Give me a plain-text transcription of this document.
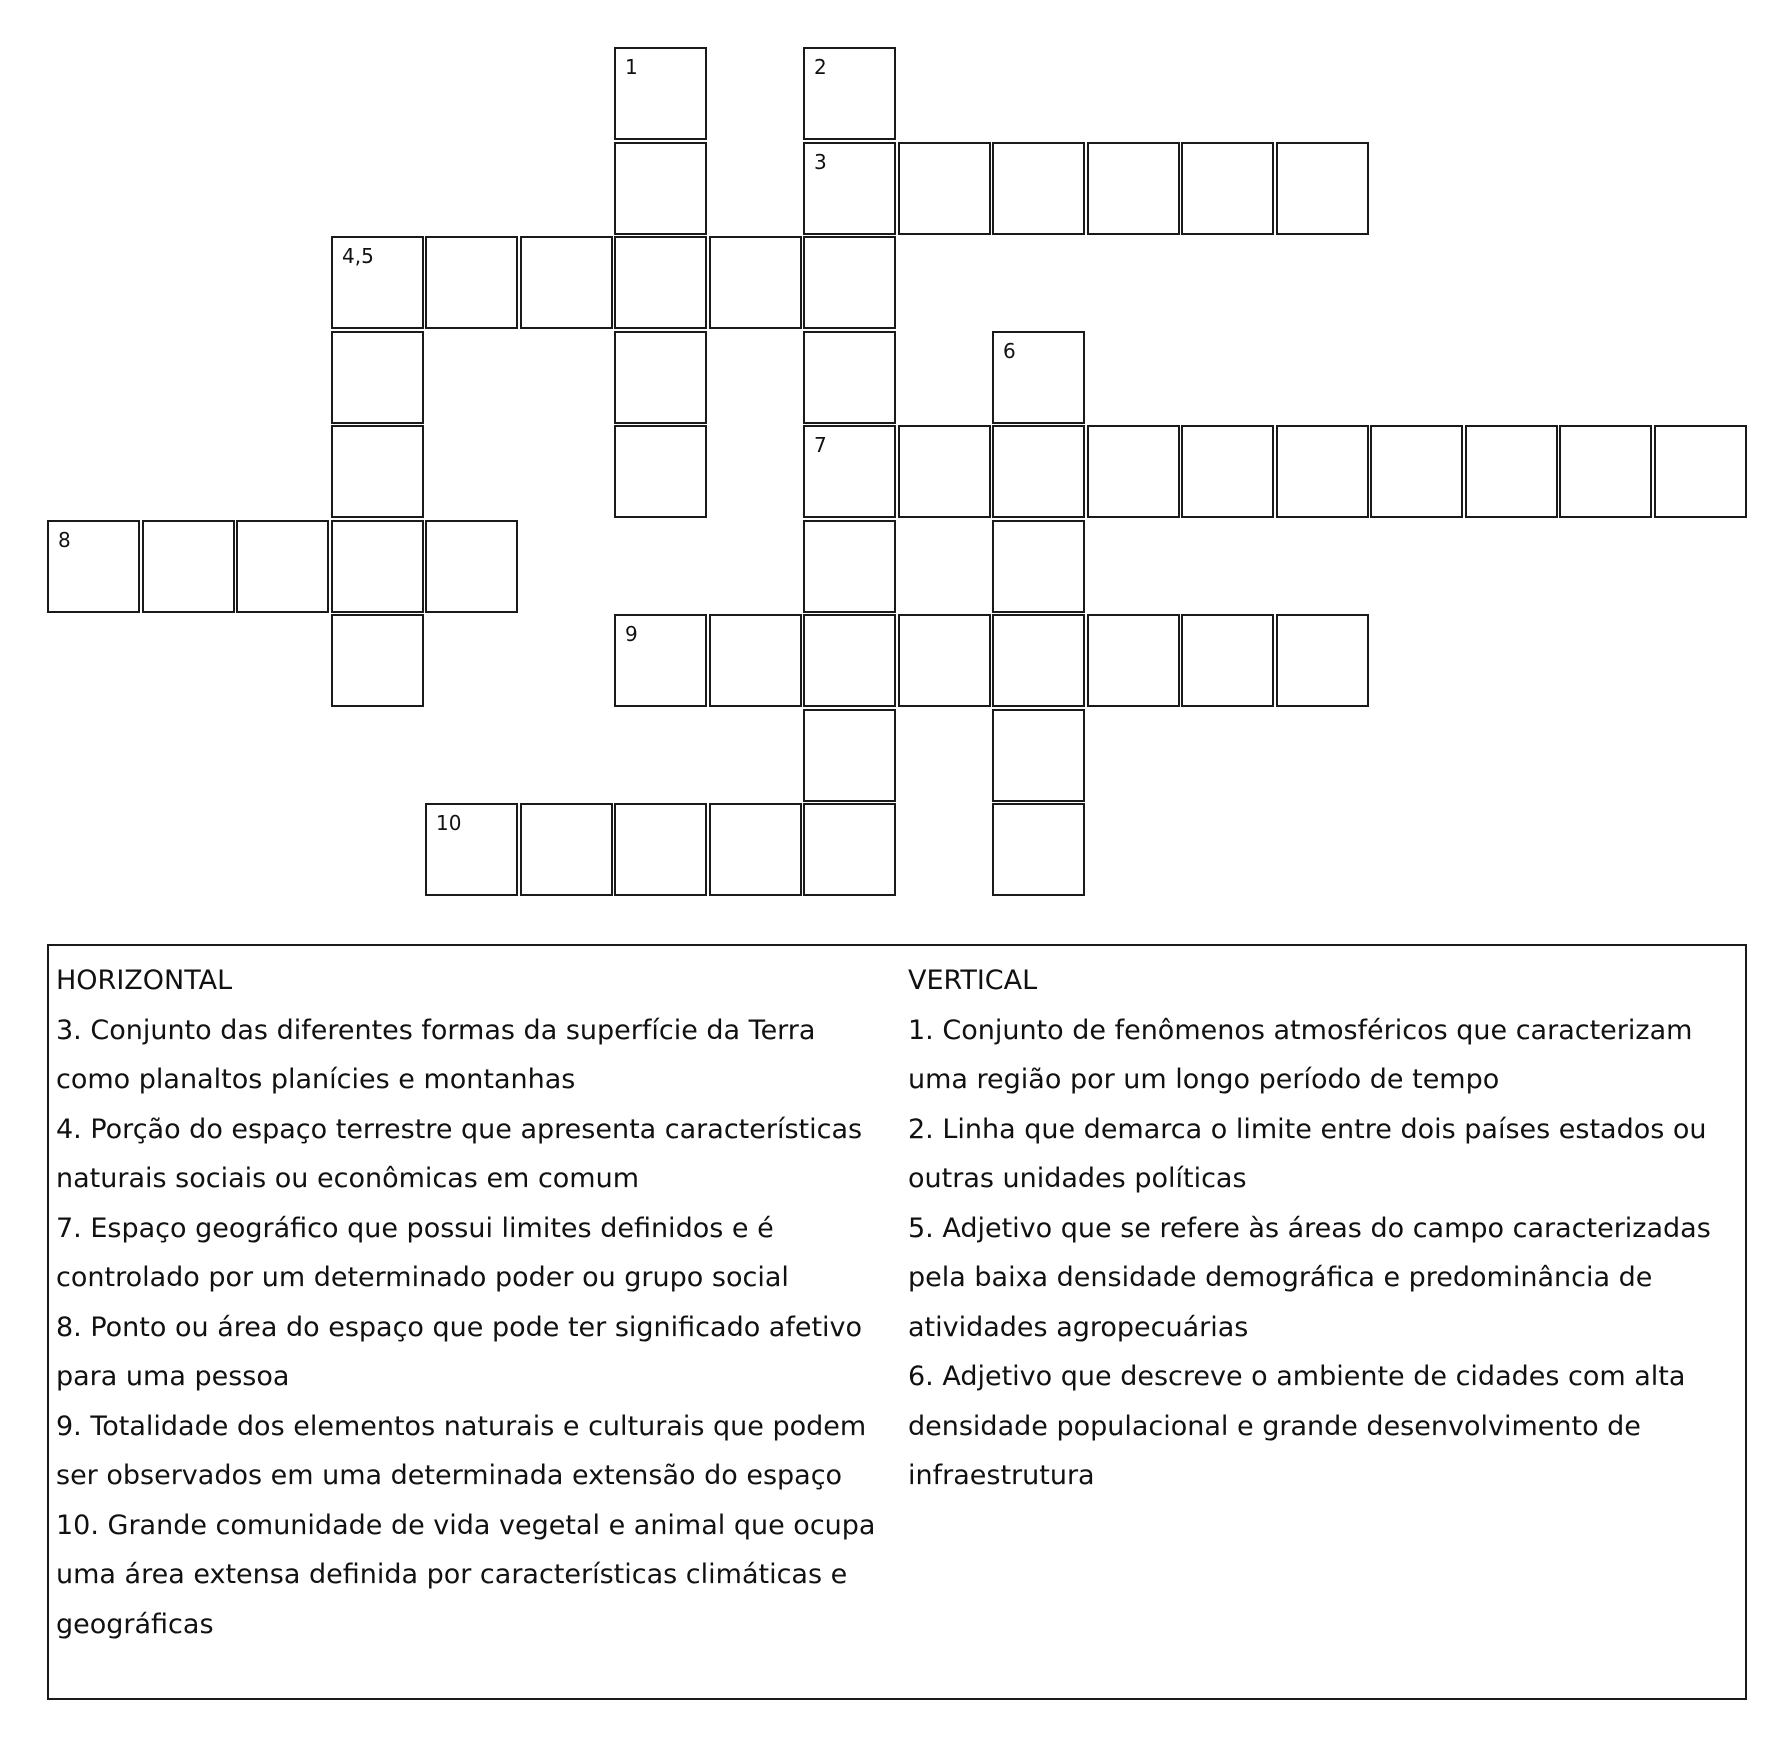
1	2
3
4,5
6
7
8
9
10
HORIZONTAL
3. Conjunto das diferentes formas da superfície da Terra
como planaltos planícies e montanhas
4. Porção do espaço terrestre que apresenta características
naturais sociais ou econômicas em comum
7. Espaço geográfico que possui limites definidos e é
controlado por um determinado poder ou grupo social
8. Ponto ou área do espaço que pode ter significado afetivo
para uma pessoa
9. Totalidade dos elementos naturais e culturais que podem
ser observados em uma determinada extensão do espaço
10. Grande comunidade de vida vegetal e animal que ocupa
uma área extensa definida por características climáticas e
geográficas
VERTICAL
1. Conjunto de fenômenos atmosféricos que caracterizam
uma região por um longo período de tempo
2. Linha que demarca o limite entre dois países estados ou
outras unidades políticas
5. Adjetivo que se refere às áreas do campo caracterizadas
pela baixa densidade demográfica e predominância de
atividades agropecuárias
6. Adjetivo que descreve o ambiente de cidades com alta
densidade populacional e grande desenvolvimento de
infraestrutura
